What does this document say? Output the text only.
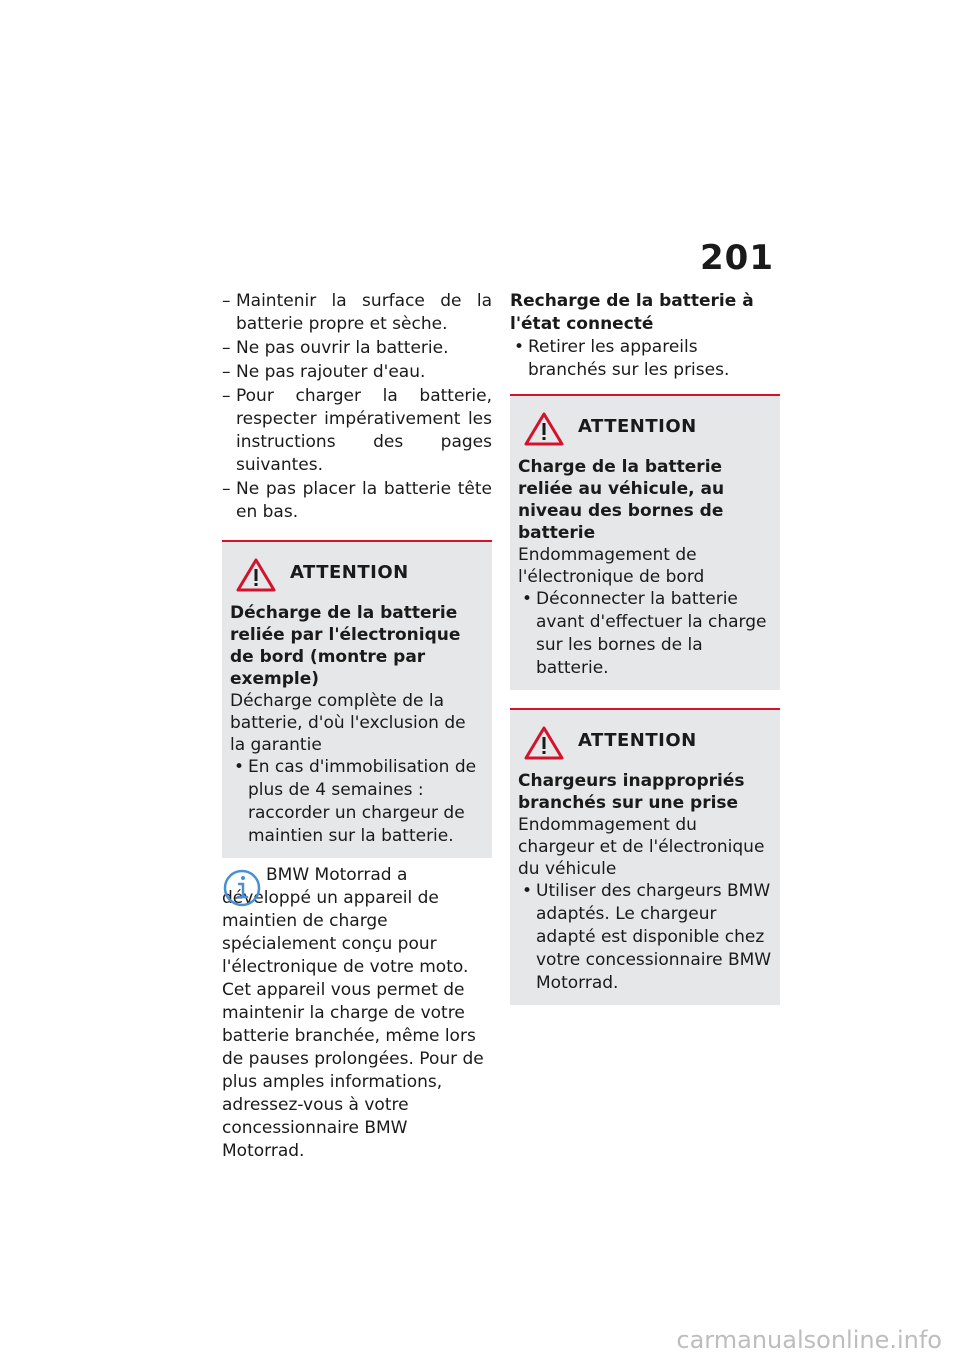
201
– Maintenir la surface de la batterie propre et sèche.
– Ne pas ouvrir la batterie.
– Ne pas rajouter d'eau.
– Pour charger la batterie, respecter impérativement les instructions des pages suivantes.
– Ne pas placer la batterie tête en bas.
ATTENTION
Décharge de la batterie reliée par l'électronique de bord (montre par exemple)
Décharge complète de la batterie, d'où l'exclusion de la garantie
• En cas d'immobilisation de plus de 4 semaines : raccorder un chargeur de maintien sur la batterie.

BMW Motorrad a développé un appareil de maintien de charge spécialement conçu pour l'électronique de votre moto. Cet appareil vous permet de maintenir la charge de votre batterie branchée, même lors de pauses prolongées. Pour de plus amples informations, adressez-vous à votre concessionnaire BMW Motorrad.

Recharge de la batterie à l'état connecté
• Retirer les appareils branchés sur les prises.
ATTENTION
Charge de la batterie reliée au véhicule, au niveau des bornes de batterie
Endommagement de l'électronique de bord
• Déconnecter la batterie avant d'effectuer la charge sur les bornes de la batterie.
ATTENTION
Chargeurs inappropriés branchés sur une prise
Endommagement du chargeur et de l'électronique du véhicule
• Utiliser des chargeurs BMW adaptés. Le chargeur adapté est disponible chez votre concessionnaire BMW Motorrad.
carmanualsonline.info
